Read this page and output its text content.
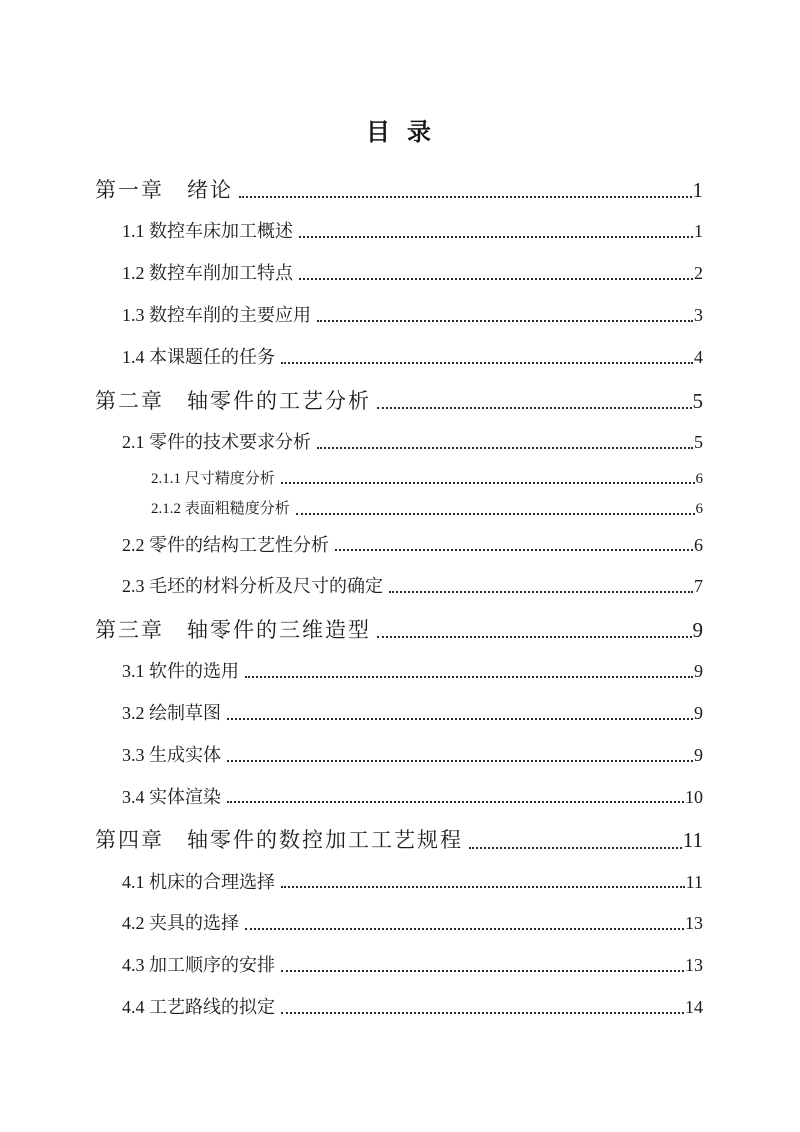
目 录
第一章　绪论	1
1.1 数控车床加工概述	1
1.2 数控车削加工特点	2
1.3 数控车削的主要应用	3
1.4 本课题任的任务	4
第二章　轴零件的工艺分析	5
2.1 零件的技术要求分析	5
2.1.1 尺寸精度分析	6
2.1.2 表面粗糙度分析	6
2.2 零件的结构工艺性分析	6
2.3 毛坯的材料分析及尺寸的确定	7
第三章　轴零件的三维造型	9
3.1 软件的选用	9
3.2 绘制草图	9
3.3 生成实体	9
3.4 实体渲染	10
第四章　轴零件的数控加工工艺规程	11
4.1 机床的合理选择	11
4.2 夹具的选择	13
4.3 加工顺序的安排	13
4.4 工艺路线的拟定	14
